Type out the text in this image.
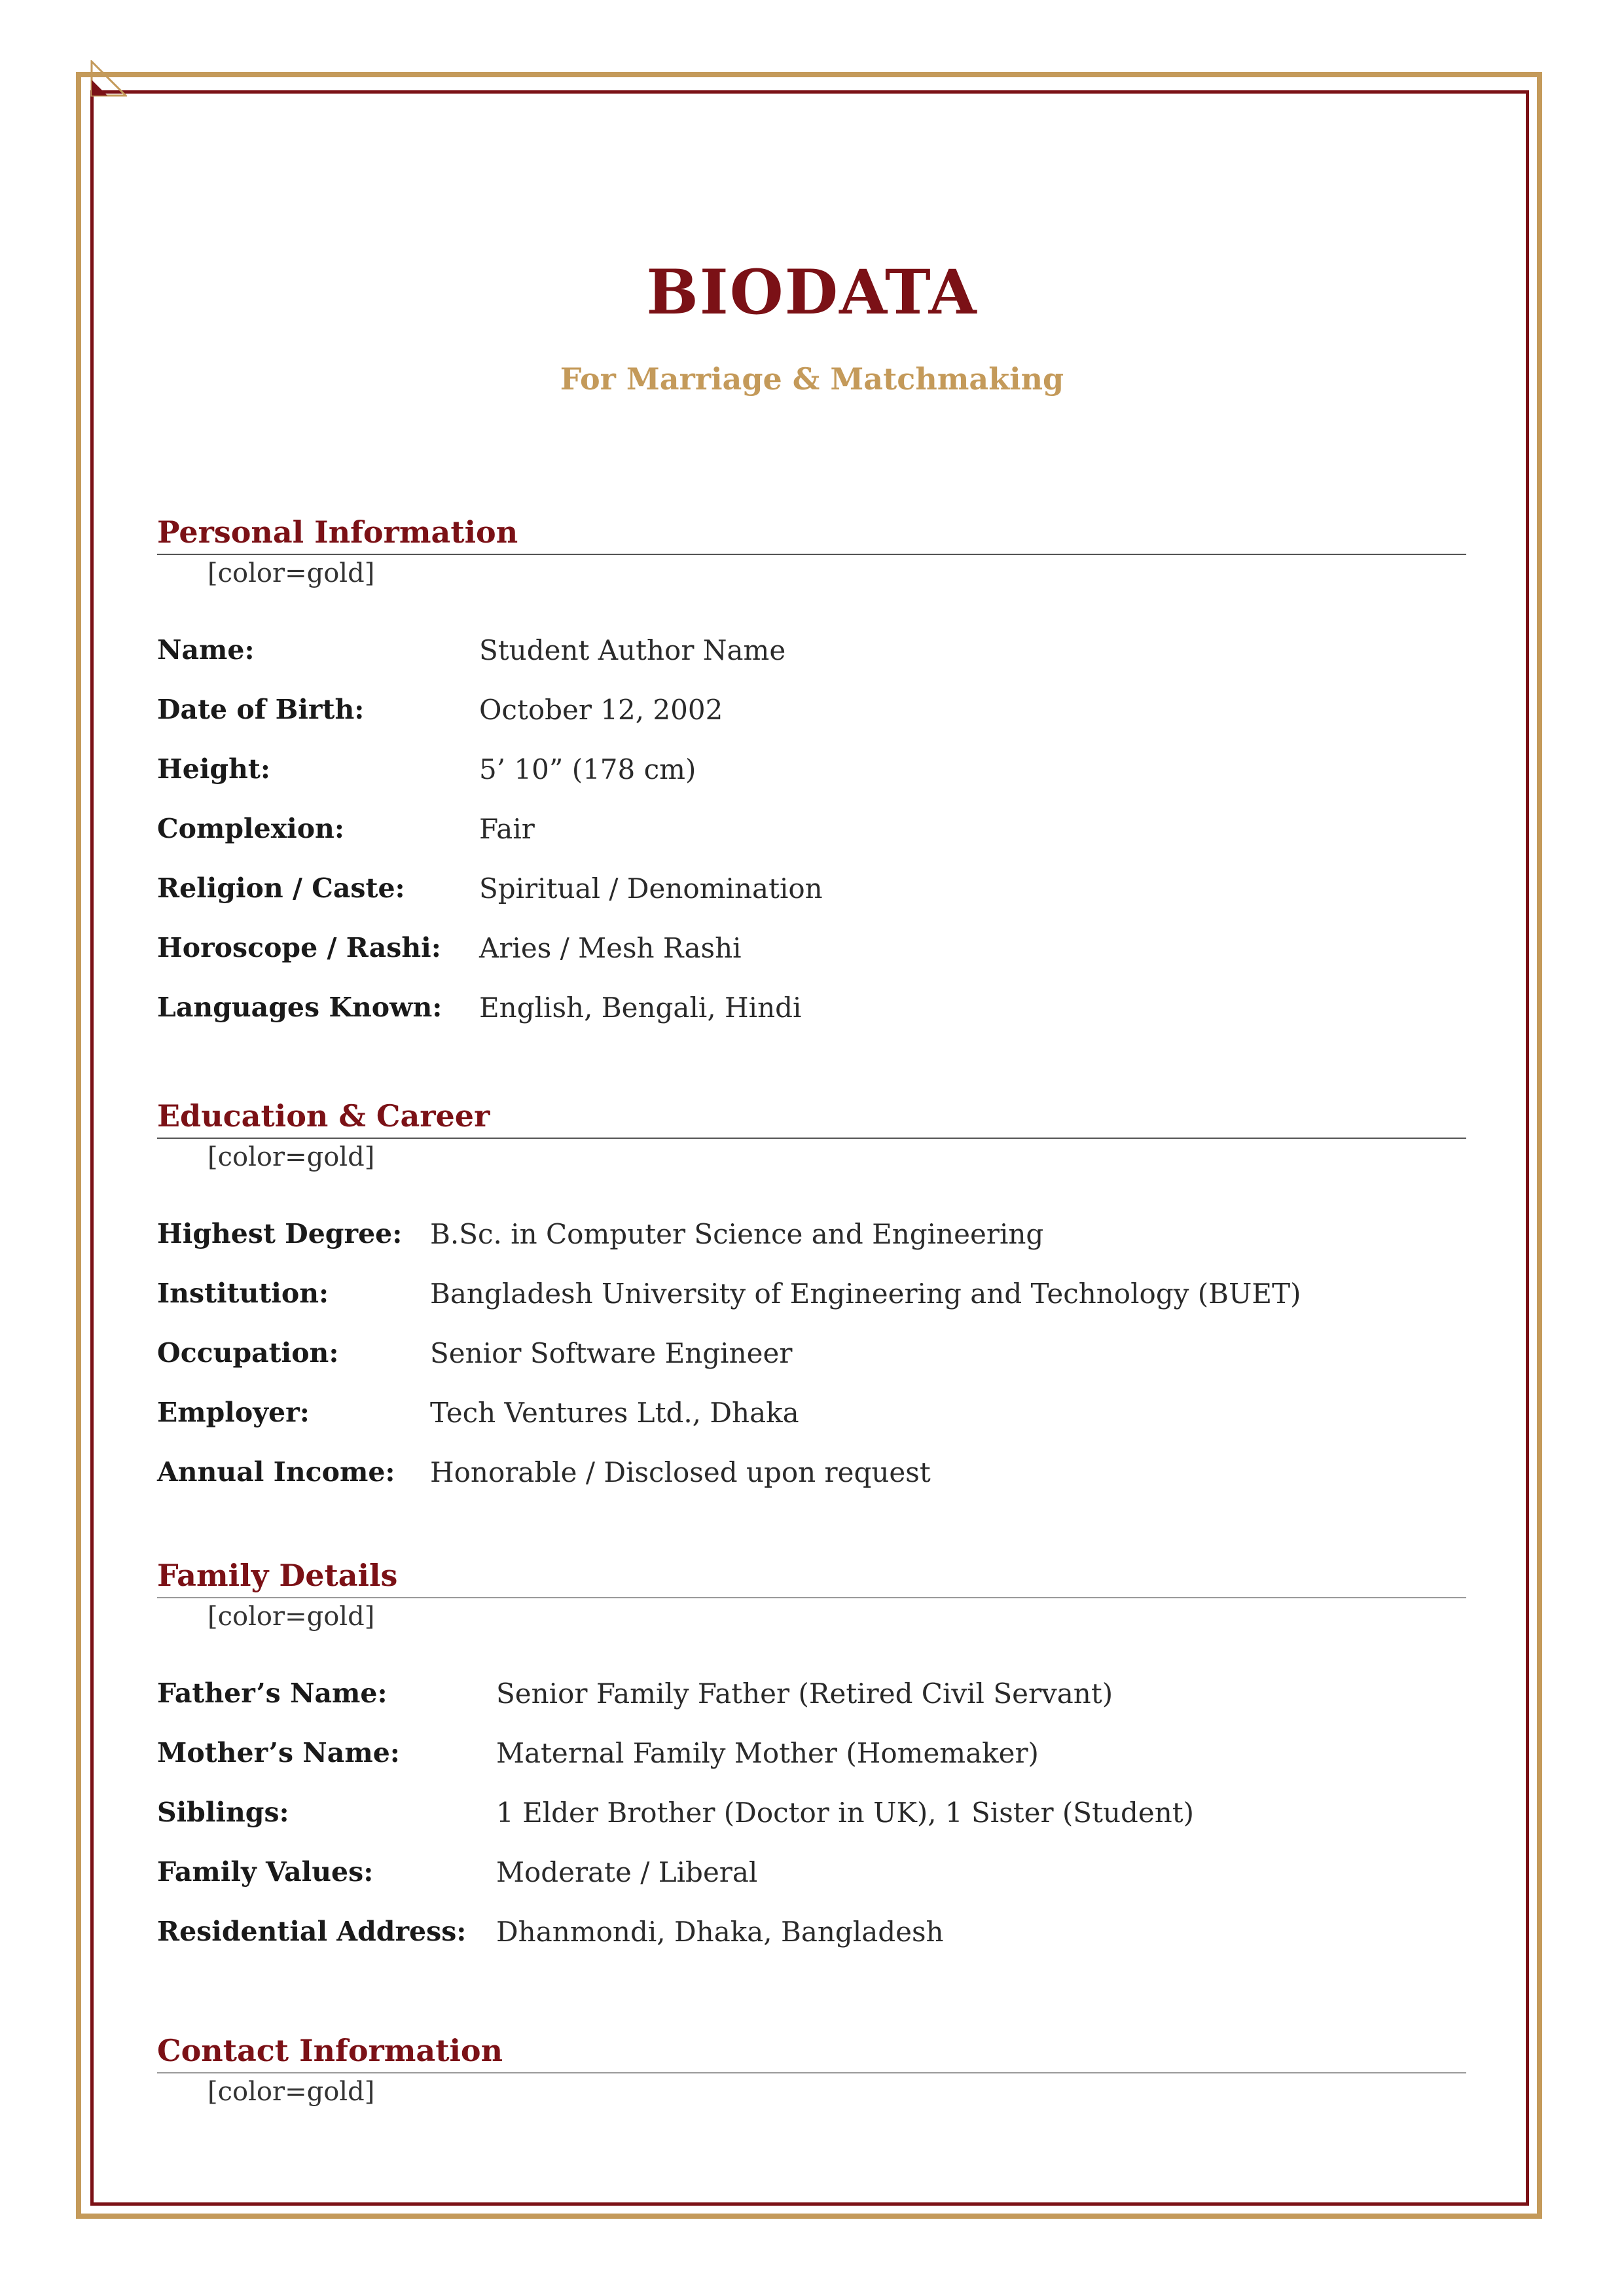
BIODATA
For Marriage & Matchmaking
Personal Information
[color=gold]
Name:	Student Author Name
Date of Birth:	October 12, 2002
Height:	5’ 10” (178 cm)
Complexion:	Fair
Religion / Caste:	Spiritual / Denomination
Horoscope / Rashi: Aries / Mesh Rashi
Languages Known: English, Bengali, Hindi
Education & Career
[color=gold]
Highest Degree: B.Sc. in Computer Science and Engineering
Institution:	Bangladesh University of Engineering and Technology (BUET)
Occupation:	Senior Software Engineer
Employer:	Tech Ventures Ltd., Dhaka
Annual Income: Honorable / Disclosed upon request
Family Details
[color=gold]
Father’s Name:	Senior Family Father (Retired Civil Servant)
Mother’s Name:	Maternal Family Mother (Homemaker)
Siblings:	1 Elder Brother (Doctor in UK), 1 Sister (Student)
Family Values:	Moderate / Liberal
Residential Address: Dhanmondi, Dhaka, Bangladesh
Contact Information
[color=gold]
